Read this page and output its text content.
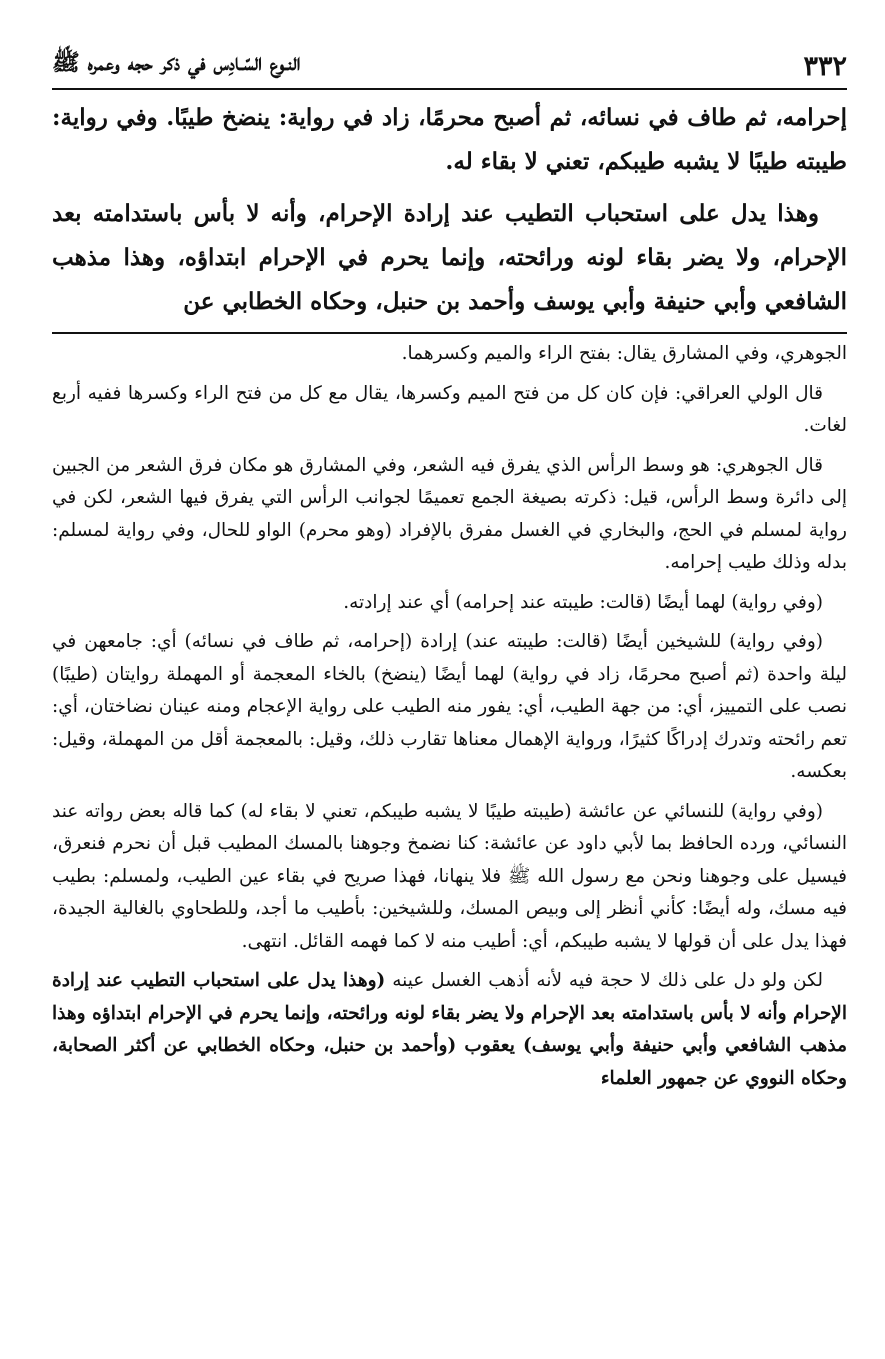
٣٣٢
النـوع السّـادِس في ذكر حجه وعمره ﷺ

إحرامه، ثم طاف في نسائه، ثم أصبح محرمًا، زاد في رواية: ينضخ طيبًا. وفي رواية: طيبته طيبًا لا يشبه طيبكم، تعني لا بقاء له.

وهذا يدل على استحباب التطيب عند إرادة الإحرام، وأنه لا بأس باستدامته بعد الإحرام، ولا يضر بقاء لونه ورائحته، وإنما يحرم في الإحرام ابتداؤه، وهذا مذهب الشافعي وأبي حنيفة وأبي يوسف وأحمد بن حنبل، وحكاه الخطابي عن

الجوهري، وفي المشارق يقال: بفتح الراء والميم وكسرهما.

قال الولي العراقي: فإن كان كل من فتح الميم وكسرها، يقال مع كل من فتح الراء وكسرها ففيه أربع لغات.

قال الجوهري: هو وسط الرأس الذي يفرق فيه الشعر، وفي المشارق هو مكان فرق الشعر من الجبين إلى دائرة وسط الرأس، قيل: ذكرته بصيغة الجمع تعميمًا لجوانب الرأس التي يفرق فيها الشعر، لكن في رواية لمسلم في الحج، والبخاري في الغسل مفرق بالإفراد (وهو محرم) الواو للحال، وفي رواية لمسلم: بدله وذلك طيب إحرامه.

(وفي رواية) لهما أيضًا (قالت: طيبته عند إحرامه) أي عند إرادته.

(وفي رواية) للشيخين أيضًا (قالت: طيبته عند) إرادة (إحرامه، ثم طاف في نسائه) أي: جامعهن في ليلة واحدة (ثم أصبح محرمًا، زاد في رواية) لهما أيضًا (ينضخ) بالخاء المعجمة أو المهملة روايتان (طيبًا) نصب على التمييز، أي: من جهة الطيب، أي: يفور منه الطيب على رواية الإعجام ومنه عينان نضاختان، أي: تعم رائحته وتدرك إدراكًا كثيرًا، ورواية الإهمال معناها تقارب ذلك، وقيل: بالمعجمة أقل من المهملة، وقيل: بعكسه.

(وفي رواية) للنسائي عن عائشة (طيبته طيبًا لا يشبه طيبكم، تعني لا بقاء له) كما قاله بعض رواته عند النسائي، ورده الحافظ بما لأبي داود عن عائشة: كنا نضمخ وجوهنا بالمسك المطيب قبل أن نحرم فنعرق، فيسيل على وجوهنا ونحن مع رسول الله ﷺ فلا ينهانا، فهذا صريح في بقاء عين الطيب، ولمسلم: بطيب فيه مسك، وله أيضًا: كأني أنظر إلى وبيص المسك، وللشيخين: بأطيب ما أجد، وللطحاوي بالغالية الجيدة، فهذا يدل على أن قولها لا يشبه طيبكم، أي: أطيب منه لا كما فهمه القائل. انتهى.

لكن ولو دل على ذلك لا حجة فيه لأنه أذهب الغسل عينه (وهذا يدل على استحباب التطيب عند إرادة الإحرام وأنه لا بأس باستدامته بعد الإحرام ولا يضر بقاء لونه ورائحته، وإنما يحرم في الإحرام ابتداؤه وهذا مذهب الشافعي وأبي حنيفة وأبي يوسف) يعقوب (وأحمد بن حنبل، وحكاه الخطابي عن أكثر الصحابة، وحكاه النووي عن جمهور العلماء
